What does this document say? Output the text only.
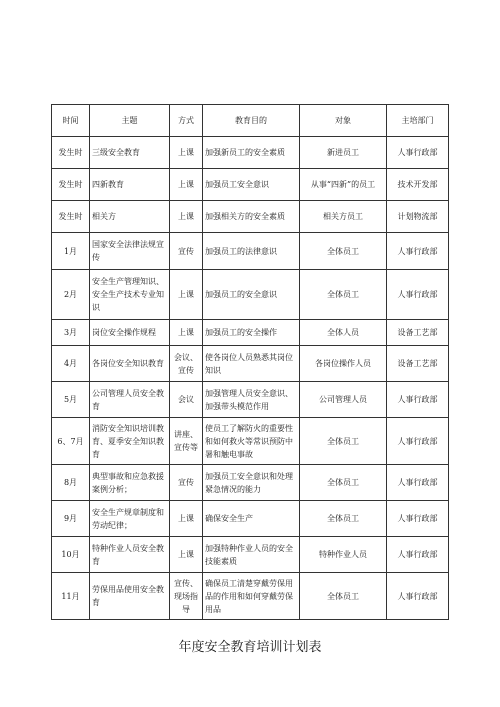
时间	主题	方式	教育目的	对象	主培部门
发生时	三级安全教育	上课	加强新员工的安全素质	新进员工	人事行政部
发生时	四新教育	上课	加强员工安全意识	从事“四新”的员工	技术开发部
发生时	相关方	上课	加强相关方的安全素质	相关方员工	计划物流部
1月	国家安全法律法规宣传	宣传	加强员工的法律意识	全体员工	人事行政部
2月	安全生产管理知识、安全生产技术专业知识	上课	加强员工的安全意识	全体员工	人事行政部
3月	岗位安全操作规程	上课	加强员工的安全操作	全体人员	设备工艺部
4月	各岗位安全知识教育	会议、宣传	使各岗位人员熟悉其岗位知识	各岗位操作人员	设备工艺部
5月	公司管理人员安全教育	会议	加强管理人员安全意识、加强带头模范作用	公司管理人员	人事行政部
6、7月	消防安全知识培训教育、夏季安全知识教育	讲座、宣传等	使员工了解防火的重要性和如何救火等常识预防中暑和触电事故	全体员工	人事行政部
8月	典型事故和应急救援案例分析；	宣传	加强员工安全意识和处理紧急情况的能力	全体员工	人事行政部
9月	安全生产规章制度和劳动纪律；	上课	确保安全生产	全体员工	人事行政部
10月	特种作业人员安全教育	上课	加强特种作业人员的安全技能素质	特种作业人员	人事行政部
11月	劳保用品使用安全教育	宣传、现场指导	确保员工清楚穿戴劳保用品的作用和如何穿戴劳保用品	全体员工	人事行政部
年度安全教育培训计划表
